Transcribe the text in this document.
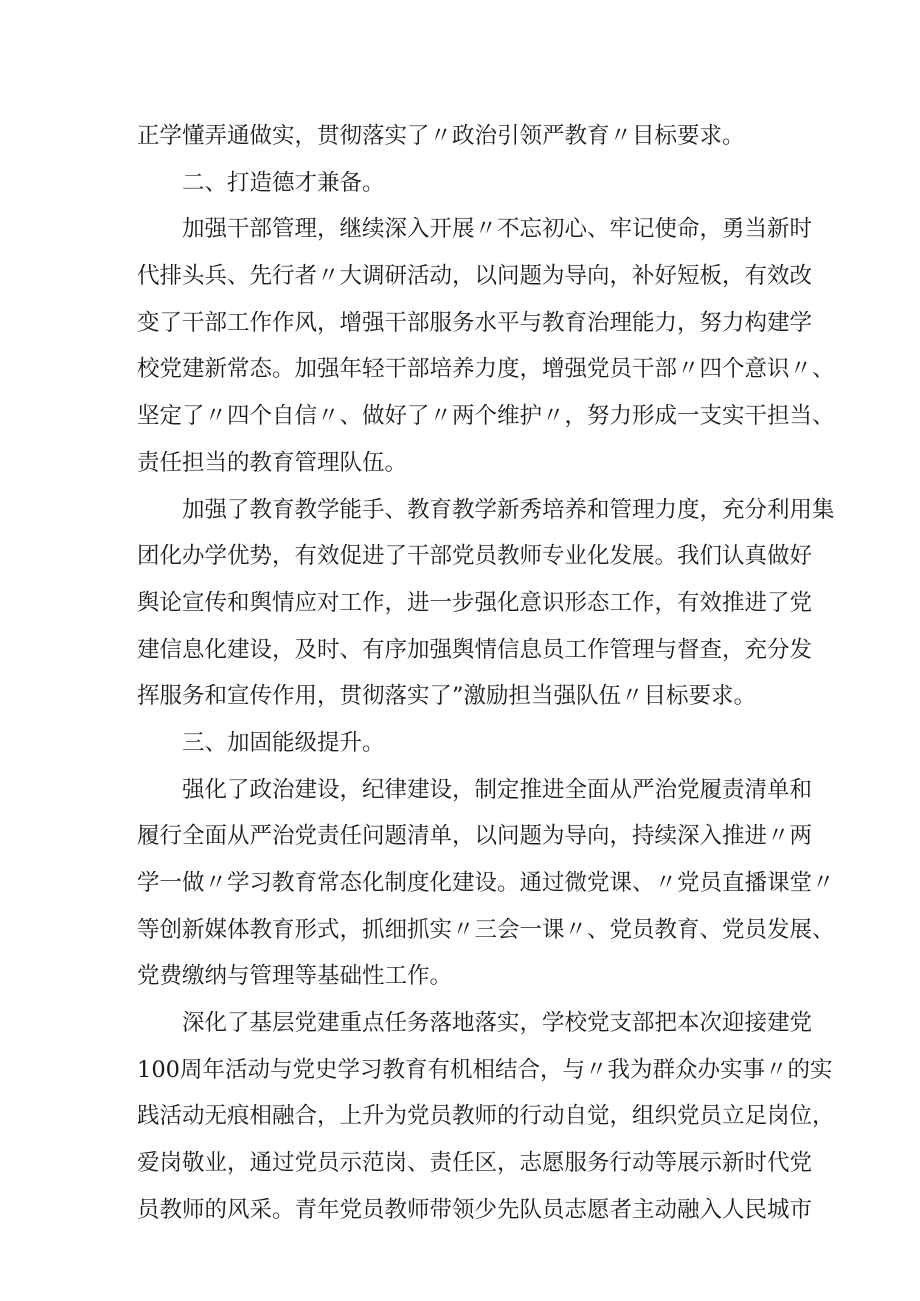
正学懂弄通做实，贯彻落实了〃政治引领严教育〃目标要求。
二、打造德才兼备。
加强干部管理，继续深入开展〃不忘初心、牢记使命，勇当新时
代排头兵、先行者〃大调研活动，以问题为导向，补好短板，有效改
变了干部工作作风，增强干部服务水平与教育治理能力，努力构建学
校党建新常态。加强年轻干部培养力度，增强党员干部〃四个意识〃、
坚定了〃四个自信〃、做好了〃两个维护〃，努力形成一支实干担当、
责任担当的教育管理队伍。
加强了教育教学能手、教育教学新秀培养和管理力度，充分利用集
团化办学优势，有效促进了干部党员教师专业化发展。我们认真做好
舆论宣传和舆情应对工作，进一步强化意识形态工作，有效推进了党
建信息化建设，及时、有序加强舆情信息员工作管理与督查，充分发
挥服务和宣传作用，贯彻落实了”激励担当强队伍〃目标要求。
三、加固能级提升。
强化了政治建设，纪律建设，制定推进全面从严治党履责清单和
履行全面从严治党责任问题清单，以问题为导向，持续深入推进〃两
学一做〃学习教育常态化制度化建设。通过微党课、〃党员直播课堂〃
等创新媒体教育形式，抓细抓实〃三会一课〃、党员教育、党员发展、
党费缴纳与管理等基础性工作。
深化了基层党建重点任务落地落实，学校党支部把本次迎接建党
100周年活动与党史学习教育有机相结合，与〃我为群众办实事〃的实
践活动无痕相融合，上升为党员教师的行动自觉，组织党员立足岗位，
爱岗敬业，通过党员示范岗、责任区，志愿服务行动等展示新时代党
员教师的风采。青年党员教师带领少先队员志愿者主动融入人民城市
